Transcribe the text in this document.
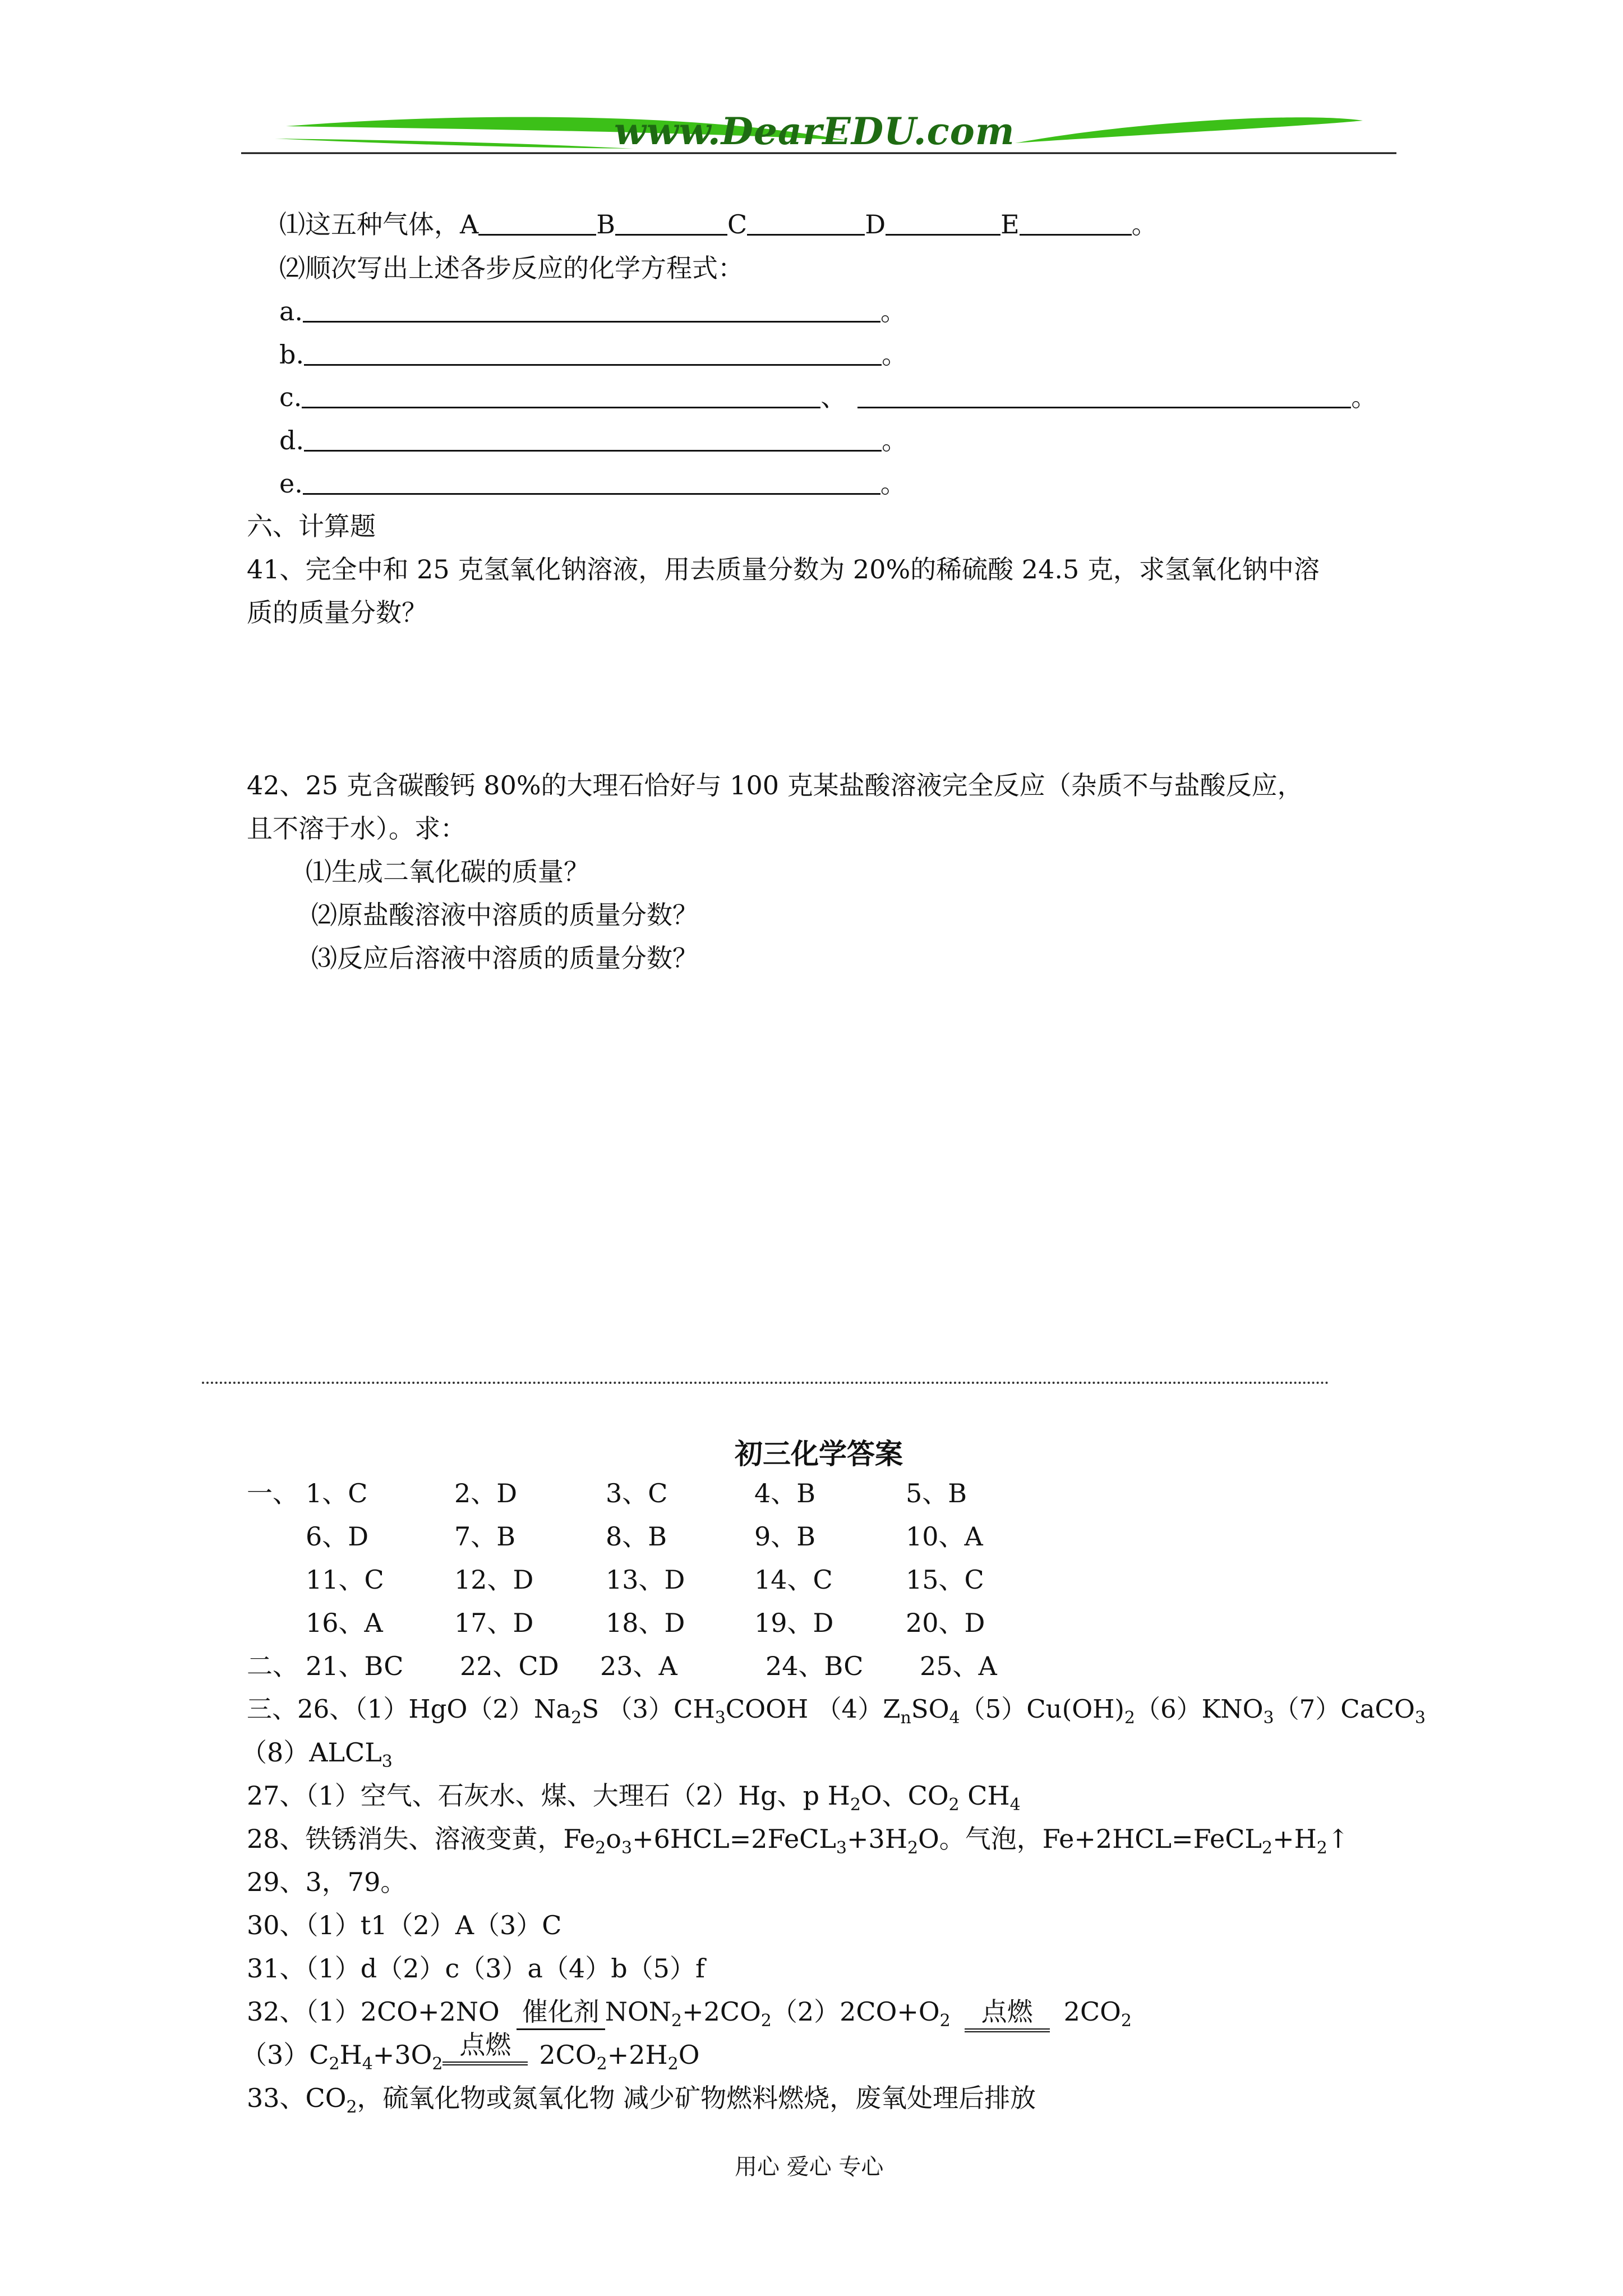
www.DearEDU.com
⑴这五种气体，A	B	C	D	E	。
⑵顺次写出上述各步反应的化学方程式：
a.	。
b.	。
c.	、	。
d.	。
e.	。
六、计算题
41、完全中和 25 克氢氧化钠溶液，用去质量分数为 20%的稀硫酸 24.5 克，求氢氧化钠中溶
质的质量分数？
42、25 克含碳酸钙 80%的大理石恰好与 100 克某盐酸溶液完全反应（杂质不与盐酸反应，
且不溶于水）。求：
⑴生成二氧化碳的质量？
⑵原盐酸溶液中溶质的质量分数？
⑶反应后溶液中溶质的质量分数？
初三化学答案
一、 1、C	2、D	3、C	4、B	5、B
6、D	7、B	8、B	9、B	10、A
11、C	12、D	13、D	14、C	15、C
16、A	17、D	18、D	19、D	20、D
二、 21、BC 22、CD 23、A	24、BC 25、A
三、26、$(1)HgO(2)Na_2S$ $(3)CH_3COOH$ $(4)Z_nSO_4(5)Cu(OH)_2(6)KNO_3(7)CaCO_3$
$(8)ALCL_3$
27、（1）空气、石灰水、煤、大理石（2）Hg、p $H_2O$、$CO_2$ $CH_4$
28、铁锈消失、溶液变黄，$Fe_2o_3+6HCL=2FeCL_3+3H_2O$。气泡，$Fe+2HCL=FeCL_2+H_2↑$
29、3，79。
30、（1）t1（2）A（3）C
31、（1）d（2）c（3）a（4）b（5）f
32、（1）2CO+2NO 催化剂 $NON_2+2CO_2(2)2CO+O_2$ 点燃 $2CO_2$
$(3)C_2H_4+3O_2$点燃 $2CO_2+2H_2O$
33、$CO_2$，硫氧化物或氮氧化物 减少矿物燃料燃烧，废氧处理后排放
用心 爱心 专心
